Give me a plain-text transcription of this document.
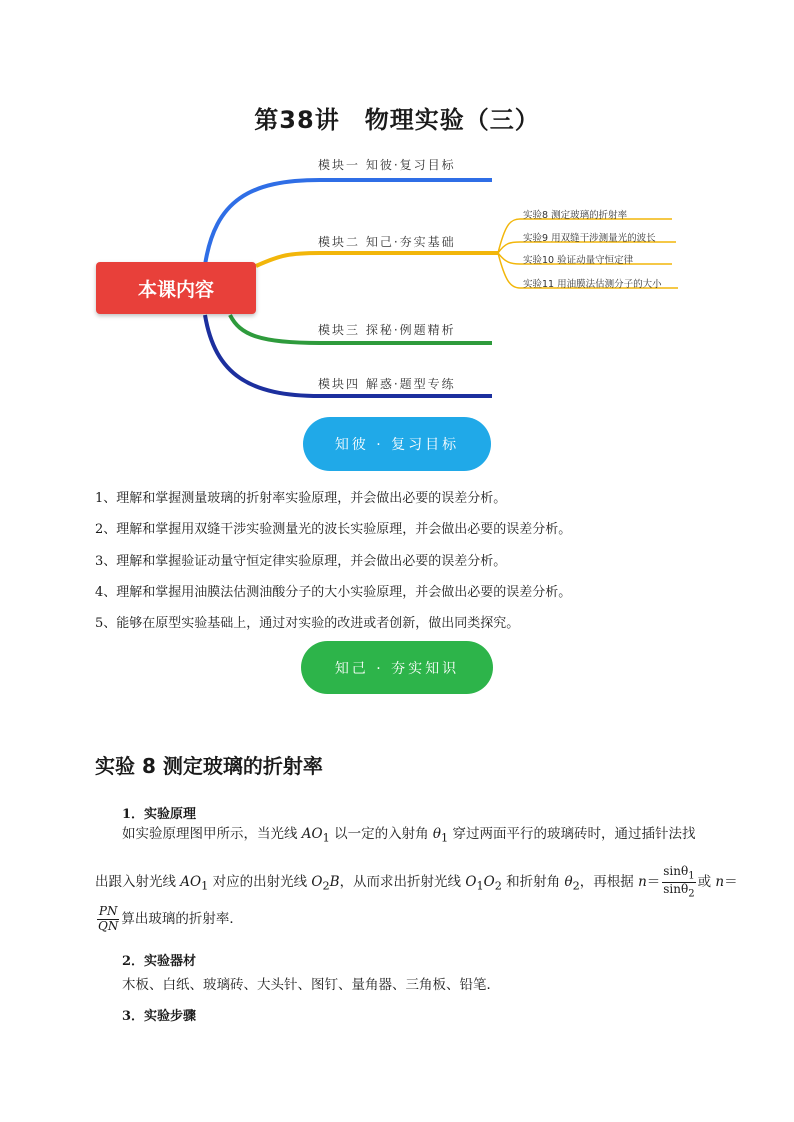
第38讲　物理实验（三）
模块一 知彼·复习目标
模块二 知己·夯实基础
模块三 探秘·例题精析
模块四 解惑·题型专练
实验8 测定玻璃的折射率
实验9 用双缝干涉测量光的波长
实验10 验证动量守恒定律
实验11 用油膜法估测分子的大小
本课内容
知彼 · 复习目标
1、理解和掌握测量玻璃的折射率实验原理，并会做出必要的误差分析。
2、理解和掌握用双缝干涉实验测量光的波长实验原理，并会做出必要的误差分析。
3、理解和掌握验证动量守恒定律实验原理，并会做出必要的误差分析。
4、理解和掌握用油膜法估测油酸分子的大小实验原理，并会做出必要的误差分析。
5、能够在原型实验基础上，通过对实验的改进或者创新，做出同类探究。
知己 · 夯实知识
实验 8 测定玻璃的折射率
1．实验原理
如实验原理图甲所示，当光线 $AO_1$ 以一定的入射角 $\theta_1$ 穿过两面平行的玻璃砖时，通过插针法找
出跟入射光线 $AO_1$ 对应的出射光线 $O_2B$，从而求出折射光线 $O_1O_2$ 和折射角 $\theta_2$，再根据 $n= \frac{\sin\theta_1}{\sin\theta_2}$ 或 n＝
$\frac{PN}{QN}$ 算出玻璃的折射率．
2．实验器材
木板、白纸、玻璃砖、大头针、图钉、量角器、三角板、铅笔．
3．实验步骤
